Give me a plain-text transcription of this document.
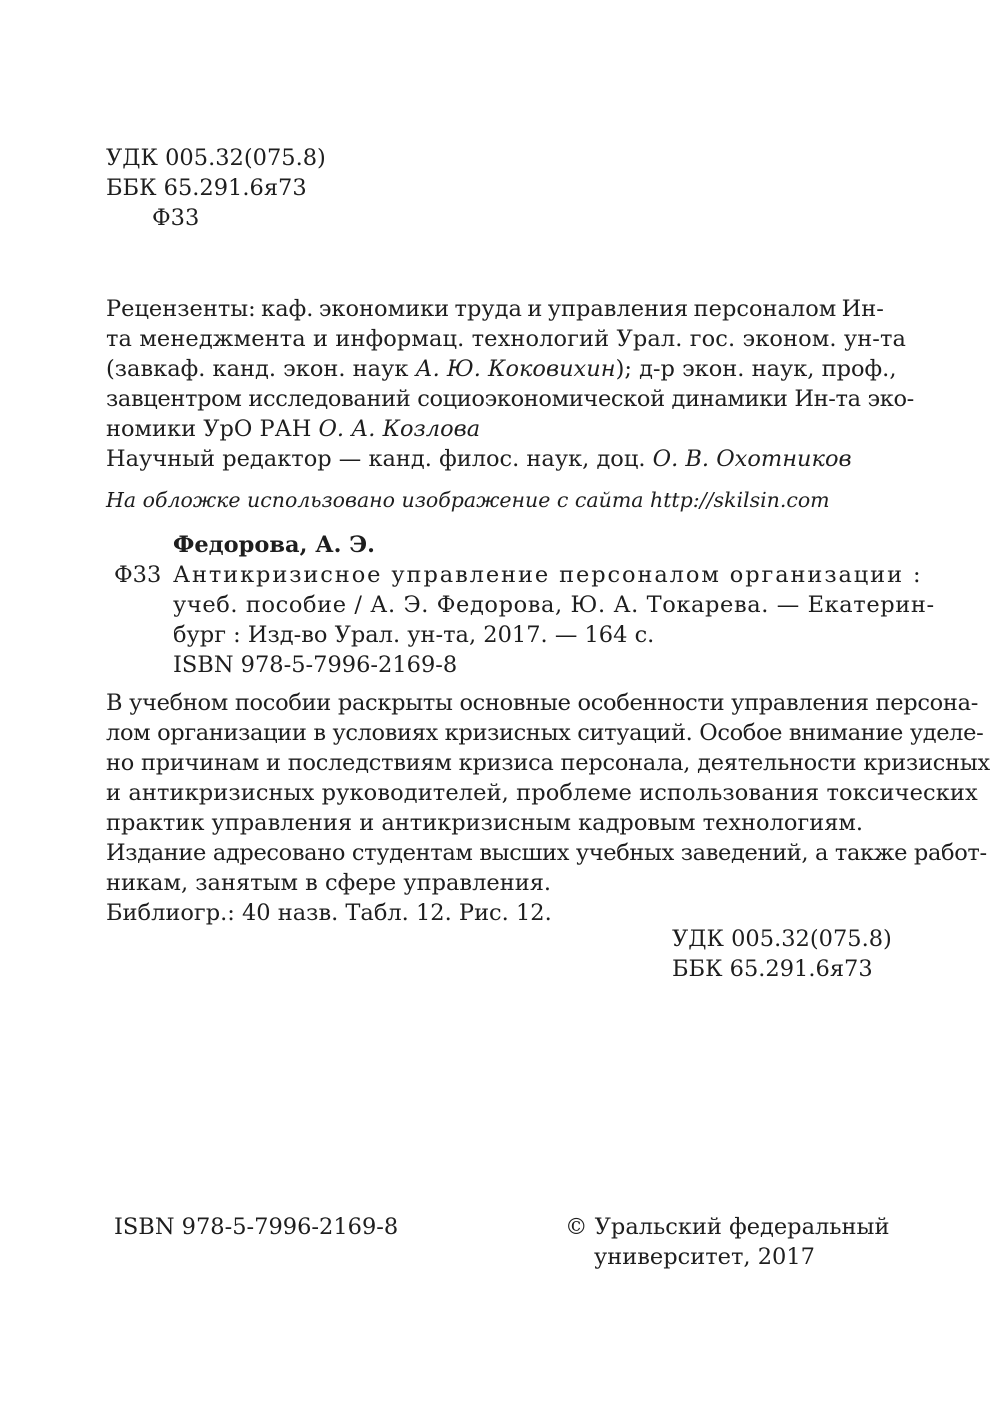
УДК 005.32(075.8)
ББК 65.291.6я73
Ф33
Рецензенты: каф. экономики труда и управления персоналом Ин-
та менеджмента и информац. технологий Урал. гос. эконом. ун-та
(завкаф. канд. экон. наук А. Ю. Коковихин); д-р экон. наук, проф.,
завцентром исследований социоэкономической динамики Ин-та эко-
номики УрО РАН О. А. Козлова
Научный редактор — канд. филос. наук, доц. О. В. Охотников
На обложке использовано изображение с сайта http://skilsin.com
Федорова, А. Э.
Ф33 Антикризисное управление персоналом организации :
учеб. пособие / А. Э. Федорова, Ю. А. Токарева. — Екатерин-
бург : Изд-во Урал. ун-та, 2017. — 164 с.
ISBN 978-5-7996-2169-8
В учебном пособии раскрыты основные особенности управления персона-
лом организации в условиях кризисных ситуаций. Особое внимание уделе-
но причинам и последствиям кризиса персонала, деятельности кризисных
и антикризисных руководителей, проблеме использования токсических
практик управления и антикризисным кадровым технологиям.
Издание адресовано студентам высших учебных заведений, а также работ-
никам, занятым в сфере управления.
Библиогр.: 40 назв. Табл. 12. Рис. 12.
УДК 005.32(075.8)
ББК 65.291.6я73
ISBN 978-5-7996-2169-8	© Уральский федеральный
университет, 2017
